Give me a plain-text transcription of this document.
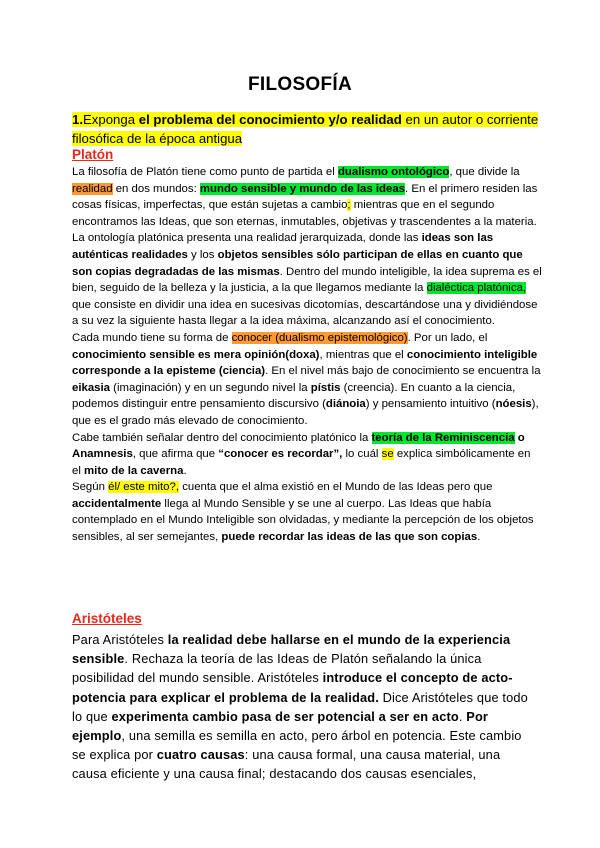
FILOSOFÍA
1.Exponga el problema del conocimiento y/o realidad en un autor o corriente filosófica de la época antigua
Platón

La filosofía de Platón tiene como punto de partida el dualismo ontológico, que divide la realidad en dos mundos: mundo sensible y mundo de las ideas. En el primero residen las cosas físicas, imperfectas, que están sujetas a cambio; mientras que en el segundo encontramos las Ideas, que son eternas, inmutables, objetivas y trascendentes a la materia. La ontología platónica presenta una realidad jerarquizada, donde las ideas son las auténticas realidades y los objetos sensibles sólo participan de ellas en cuanto que son copias degradadas de las mismas. Dentro del mundo inteligible, la idea suprema es el bien, seguido de la belleza y la justicia, a la que llegamos mediante la dialéctica platónica, que consiste en dividir una idea en sucesivas dicotomías, descartándose una y dividiéndose a su vez la siguiente hasta llegar a la idea máxima, alcanzando así el conocimiento.

Cada mundo tiene su forma de conocer (dualismo epistemológico). Por un lado, el conocimiento sensible es mera opinión(doxa), mientras que el conocimiento inteligible corresponde a la episteme (ciencia). En el nivel más bajo de conocimiento se encuentra la eikasia (imaginación) y en un segundo nivel la pístis (creencia). En cuanto a la ciencia, podemos distinguir entre pensamiento discursivo (diánoia) y pensamiento intuitivo (nóesis), que es el grado más elevado de conocimiento.

Cabe también señalar dentro del conocimiento platónico la teoría de la Reminiscencia o Anamnesis, que afirma que “conocer es recordar”, lo cuál se explica simbólicamente en el mito de la caverna.

Según él/ este mito?, cuenta que el alma existió en el Mundo de las Ideas pero que accidentalmente llega al Mundo Sensible y se une al cuerpo. Las Ideas que había contemplado en el Mundo Inteligible son olvidadas, y mediante la percepción de los objetos sensibles, al ser semejantes, puede recordar las ideas de las que son copias.

Aristóteles

Para Aristóteles la realidad debe hallarse en el mundo de la experiencia sensible. Rechaza la teoría de las Ideas de Platón señalando la única posibilidad del mundo sensible. Aristóteles introduce el concepto de acto-potencia para explicar el problema de la realidad. Dice Aristóteles que todo lo que experimenta cambio pasa de ser potencial a ser en acto. Por ejemplo, una semilla es semilla en acto, pero árbol en potencia. Este cambio se explica por cuatro causas: una causa formal, una causa material, una causa eficiente y una causa final; destacando dos causas esenciales,
